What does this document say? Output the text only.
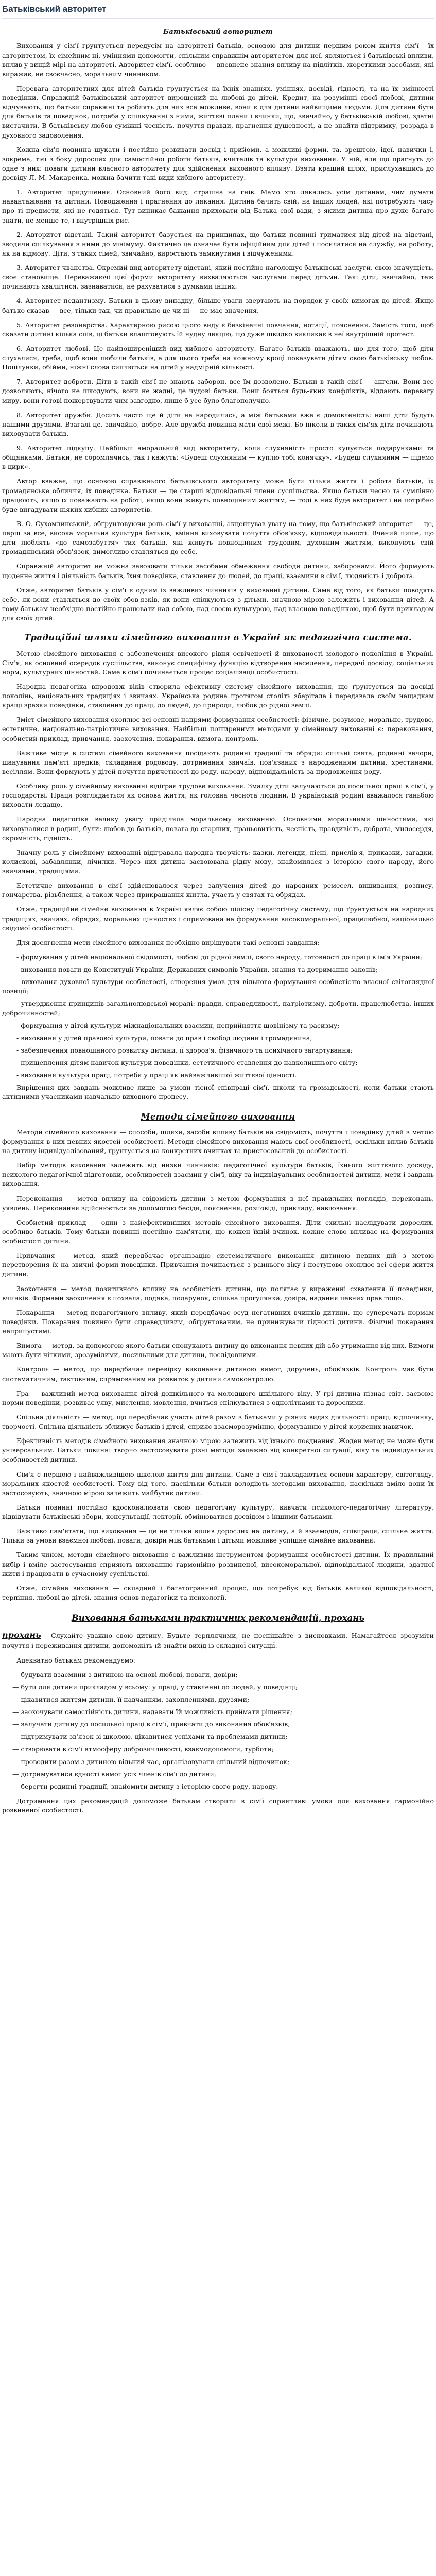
Батьківський авторитет
Батьківський авторитет

Виховання у сім'ї грунтується передусім на авторитеті батьків, основою для дитини першим роком життя сім'ї - їх авторитетом, їх сімейним ні, уміннями допомогти, спільним справжнім авторитетом для неї, являються і батьківські впливи, вплив у вищій мірі на авторитеті. Авторитет сім'ї, особливо — впевнене знання впливу на підлітків, жорсткими засобами, які виражає, не своєчасно, моральним чинником.

Перевага авторитетних для дітей батьків грунтується на їхніх знаннях, уміннях, досвіді, гідності, та на їх змінності поведінки. Справжній батьківський авторитет вирощений на любові до дітей. Кредит, на розумінні своєї любові, дитини відчувають, що батьки справжні та роблять для них все можливе, вони є для дитини найвищими людьми. Для дитини бути для батьків та поведінок, потреба у спілкуванні з ними, життєві плани і вчинки, що, звичайно, у батьківській любові, здатні вистачити. В батьківську любов суміжні чесність, почуття правди, прагнення душевності, а не знайти підтримку, розрада в духовного задоволення.

Кожна сім'я повинна шукати і постійно розвивати досвід і прийоми, а можливі форми, та, зрештою, ідеї, навички і, зокрема, тієї з боку дорослих для самостійної роботи батьків, вчителів та культури виховання. У ній, але що прагнуть до одне з них: поваги дитини власного авторитету для здійснення виховного впливу. Взяти кращий шлях, прислухавшись до досвіду Л. М. Макаренка, можна бачити такі види хибного авторитету.

1. Авторитет придушення. Основний його вид: страшна на гнів. Мамо хто лякалась усім дитинам, чим думати навантаження та дитини. Поводження і прагнення до лякання. Дитина бачить свій, на інших людей, які потребують часу про ті предмети, які не годяться. Тут виникає бажання приховати від Батька свої вади, з якими дитина про дуже багато знати, не менше те, і внутрішніх рис.

2. Авторитет відстані. Такий авторитет базується на принципах, що батьки повинні триматися від дітей на відстані, зводячи спілкування з ними до мінімуму. Фактично це означає бути офіційним для дітей і посилатися на службу, на роботу, як на відмову. Діти, з таких сімей, звичайно, виростають замкнутими і відчуженими.

3. Авторитет чванства. Окремий вид авторитету відстані, який постійно наголошує батьківські заслуги, свою значущість, своє становище. Переважаючі цієї форми авторитету вихваляються заслугами перед дітьми. Такі діти, звичайно, теж починають хвалитися, зазнаватися, не рахуватися з думками інших.

4. Авторитет педантизму. Батьки в цьому випадку, більше уваги звертають на порядок у своїх вимогах до дітей. Якщо батько сказав — все, тільки так, чи правильно це чи ні — не має значення.

5. Авторитет резонерства. Характерною рисою цього виду є безкінечні повчання, нотації, пояснення. Замість того, щоб сказати дитині кілька слів, ці батьки влаштовують їй нудну лекцію, що дуже швидко викликає в неї внутрішній протест.

6. Авторитет любові. Це найпоширеніший вид хибного авторитету. Багато батьків вважають, що для того, щоб діти слухалися, треба, щоб вони любили батьків, а для цього треба на кожному кроці показувати дітям свою батьківську любов. Поцілунки, обійми, ніжні слова сиплються на дітей у надмірній кількості.

7. Авторитет доброти. Діти в такій сім'ї не знають заборон, все їм дозволено. Батьки в такій сім'ї — ангели. Вони все дозволяють, нічого не шкодують, вони не жадні, це чудові батьки. Вони бояться будь-яких конфліктів, віддають перевагу миру, вони готові пожертвувати чим завгодно, лише б усе було благополучно.

8. Авторитет дружби. Досить часто ще й діти не народились, а між батьками вже є домовленість: наші діти будуть нашими друзями. Взагалі це, звичайно, добре. Але дружба повинна мати свої межі. Бо інколи в таких сім'ях діти починають виховувати батьків.

9. Авторитет підкупу. Найбільш аморальний вид авторитету, коли слухняність просто купується подарунками та обіцянками. Батьки, не соромлячись, так і кажуть: «Будеш слухняним — куплю тобі конячку», «Будеш слухняним — підемо в цирк».

Автор вважає, що основою справжнього батьківського авторитету може бути тільки життя і робота батьків, їх громадянське обличчя, їх поведінка. Батьки — це старші відповідальні члени суспільства. Якщо батьки чесно та сумлінно працюють, якщо їх поважають на роботі, якщо вони живуть повноцінним життям, — тоді в них буде авторитет і не потрібно буде вигадувати ніяких хибних авторитетів.

В. О. Сухомлинський, обґрунтовуючи роль сім'ї у вихованні, акцентував увагу на тому, що батьківський авторитет — це, перш за все, висока моральна культура батьків, вміння виховувати почуття обов'язку, відповідальності. Вчений пише, що діти люблять «до самозабуття» тих батьків, які живуть повноцінним трудовим, духовним життям, виконують свій громадянський обов'язок, вимогливо ставляться до себе.

Справжній авторитет не можна завоювати тільки засобами обмеження свободи дитини, заборонами. Його формують щоденне життя і діяльність батьків, їхня поведінка, ставлення до людей, до праці, взаємини в сім'ї, людяність і доброта.

Отже, авторитет батьків у сім'ї є одним із важливих чинників у вихованні дитини. Саме від того, як батьки поводять себе, як вони ставляться до своїх обов'язків, як вони спілкуються з дітьми, значною мірою залежить і виховання дітей. А тому батькам необхідно постійно працювати над собою, над своєю культурою, над власною поведінкою, щоб бути прикладом для своїх дітей.

Традиційні шляхи сімейного виховання в Україні як педагогічна система.

Метою сімейного виховання є забезпечення високого рівня освіченості й вихованості молодого покоління в Україні. Сім'я, як основний осередок суспільства, виконує специфічну функцію відтворення населення, передачі досвіду, соціальних норм, культурних цінностей. Саме в сім'ї починається процес соціалізації особистості.

Народна педагогіка впродовж віків створила ефективну систему сімейного виховання, що ґрунтується на досвіді поколінь, національних традиціях і звичаях. Українська родина протягом століть зберігала і передавала своїм нащадкам кращі зразки поведінки, ставлення до праці, до людей, до природи, любов до рідної землі.

Зміст сімейного виховання охоплює всі основні напрями формування особистості: фізичне, розумове, моральне, трудове, естетичне, національно-патріотичне виховання. Найбільш поширеними методами у сімейному вихованні є: переконання, особистий приклад, привчання, заохочення, покарання, вимога, контроль.

Важливе місце в системі сімейного виховання посідають родинні традиції та обряди: спільні свята, родинні вечори, шанування пам'яті предків, складання родоводу, дотримання звичаїв, пов'язаних з народженням дитини, хрестинами, весіллям. Вони формують у дітей почуття причетності до роду, народу, відповідальність за продовження роду.

Особливу роль у сімейному вихованні відіграє трудове виховання. Змалку діти залучаються до посильної праці в сім'ї, у господарстві. Праця розглядається як основа життя, як головна чеснота людини. В українській родині вважалося ганьбою виховати ледащо.

Народна педагогіка велику увагу приділяла моральному вихованню. Основними моральними цінностями, які виховувалися в родині, були: любов до батьків, повага до старших, працьовитість, чесність, правдивість, доброта, милосердя, скромність, гідність.

Значну роль у сімейному вихованні відігравала народна творчість: казки, легенди, пісні, прислів'я, приказки, загадки, колискові, забавлянки, лічилки. Через них дитина засвоювала рідну мову, знайомилася з історією свого народу, його звичаями, традиціями.

Естетичне виховання в сім'ї здійснювалося через залучення дітей до народних ремесел, вишивання, розпису, гончарства, різьблення, а також через прикрашання житла, участь у святах та обрядах.

Отже, традиційне сімейне виховання в Україні являє собою цілісну педагогічну систему, що ґрунтується на народних традиціях, звичаях, обрядах, моральних цінностях і спрямована на формування високоморальної, працелюбної, національно свідомої особистості.

Для досягнення мети сімейного виховання необхідно вирішувати такі основні завдання:

- формування у дітей національної свідомості, любові до рідної землі, свого народу, готовності до праці в ім'я України;

- виховання поваги до Конституції України, Державних символів України, знання та дотримання законів;

- виховання духовної культури особистості, створення умов для вільного формування особистістю власної світоглядної позиції;

- утвердження принципів загальнолюдської моралі: правди, справедливості, патріотизму, доброти, працелюбства, інших доброчинностей;

- формування у дітей культури міжнаціональних взаємин, неприйняття шовінізму та расизму;

- виховання у дітей правової культури, поваги до прав і свобод людини і громадянина;

- забезпечення повноцінного розвитку дитини, її здоров'я, фізичного та психічного загартування;

- прищеплення дітям навичок культури поведінки, естетичного ставлення до навколишнього світу;

- виховання культури праці, потреби у праці як найважливішої життєвої цінності.

Вирішення цих завдань можливе лише за умови тісної співпраці сім'ї, школи та громадськості, коли батьки стають активними учасниками навчально-виховного процесу.

Методи сімейного виховання

Методи сімейного виховання — способи, шляхи, засоби впливу батьків на свідомість, почуття і поведінку дітей з метою формування в них певних якостей особистості. Методи сімейного виховання мають свої особливості, оскільки вплив батьків на дитину індивідуалізований, ґрунтується на конкретних вчинках та пристосований до особистості.

Вибір методів виховання залежить від низки чинників: педагогічної культури батьків, їхнього життєвого досвіду, психолого-педагогічної підготовки, особливостей взаємин у сім'ї, віку та індивідуальних особливостей дитини, мети і завдань виховання.

Переконання — метод впливу на свідомість дитини з метою формування в неї правильних поглядів, переконань, уявлень. Переконання здійснюється за допомогою бесіди, пояснення, розповіді, прикладу, навіювання.

Особистий приклад — один з найефективніших методів сімейного виховання. Діти схильні наслідувати дорослих, особливо батьків. Тому батьки повинні постійно пам'ятати, що кожен їхній вчинок, кожне слово впливає на формування особистості дитини.

Привчання — метод, який передбачає організацію систематичного виконання дитиною певних дій з метою перетворення їх на звичні форми поведінки. Привчання починається з раннього віку і поступово охоплює всі сфери життя дитини.

Заохочення — метод позитивного впливу на особистість дитини, що полягає у вираженні схвалення її поведінки, вчинків. Формами заохочення є похвала, подяка, подарунок, спільна прогулянка, довіра, надання певних прав тощо.

Покарання — метод педагогічного впливу, який передбачає осуд негативних вчинків дитини, що суперечать нормам поведінки. Покарання повинно бути справедливим, обґрунтованим, не принижувати гідності дитини. Фізичні покарання неприпустимі.

Вимога — метод, за допомогою якого батьки спонукають дитину до виконання певних дій або утримання від них. Вимоги мають бути чіткими, зрозумілими, посильними для дитини, послідовними.

Контроль — метод, що передбачає перевірку виконання дитиною вимог, доручень, обов'язків. Контроль має бути систематичним, тактовним, спрямованим на розвиток у дитини самоконтролю.

Гра — важливий метод виховання дітей дошкільного та молодшого шкільного віку. У грі дитина пізнає світ, засвоює норми поведінки, розвиває уяву, мислення, мовлення, вчиться спілкуватися з однолітками та дорослими.

Спільна діяльність — метод, що передбачає участь дітей разом з батьками у різних видах діяльності: праці, відпочинку, творчості. Спільна діяльність зближує батьків і дітей, сприяє взаєморозумінню, формуванню у дітей корисних навичок.

Ефективність методів сімейного виховання значною мірою залежить від їхнього поєднання. Жоден метод не може бути універсальним. Батьки повинні творчо застосовувати різні методи залежно від конкретної ситуації, віку та індивідуальних особливостей дитини.

Сім'я є першою і найважливішою школою життя для дитини. Саме в сім'ї закладаються основи характеру, світогляду, моральних якостей особистості. Тому від того, наскільки батьки володіють методами виховання, наскільки вміло вони їх застосовують, значною мірою залежить майбутнє дитини.

Батьки повинні постійно вдосконалювати свою педагогічну культуру, вивчати психолого-педагогічну літературу, відвідувати батьківські збори, консультації, лекторії, обмінюватися досвідом з іншими батьками.

Важливо пам'ятати, що виховання — це не тільки вплив дорослих на дитину, а й взаємодія, співпраця, спільне життя. Тільки за умови взаємної любові, поваги, довіри між батьками і дітьми можливе успішне сімейне виховання.

Таким чином, методи сімейного виховання є важливим інструментом формування особистості дитини. Їх правильний вибір і вміле застосування сприяють вихованню гармонійно розвиненої, високоморальної, відповідальної людини, здатної жити і працювати в сучасному суспільстві.

Отже, сімейне виховання — складний і багатогранний процес, що потребує від батьків великої відповідальності, терпіння, любові до дітей, знання основ педагогіки та психології.

Виховання батьками практичних рекомендацій, прохань

прохань - Слухайте уважно свою дитину. Будьте терплячими, не поспішайте з висновками. Намагайтеся зрозуміти почуття і переживання дитини, допоможіть їй знайти вихід із складної ситуації.

Адекватно батькам рекомендуємо:

— будувати взаємини з дитиною на основі любові, поваги, довіри;
— бути для дитини прикладом у всьому: у праці, у ставленні до людей, у поведінці;
— цікавитися життям дитини, її навчанням, захопленнями, друзями;
— заохочувати самостійність дитини, надавати їй можливість приймати рішення;
— залучати дитину до посильної праці в сім'ї, привчати до виконання обов'язків;
— підтримувати зв'язок зі школою, цікавитися успіхами та проблемами дитини;
— створювати в сім'ї атмосферу доброзичливості, взаємодопомоги, турботи;
— проводити разом з дитиною вільний час, організовувати спільний відпочинок;
— дотримуватися єдності вимог усіх членів сім'ї до дитини;
— берегти родинні традиції, знайомити дитину з історією свого роду, народу.

Дотримання цих рекомендацій допоможе батькам створити в сім'ї сприятливі умови для виховання гармонійно розвиненої особистості.
